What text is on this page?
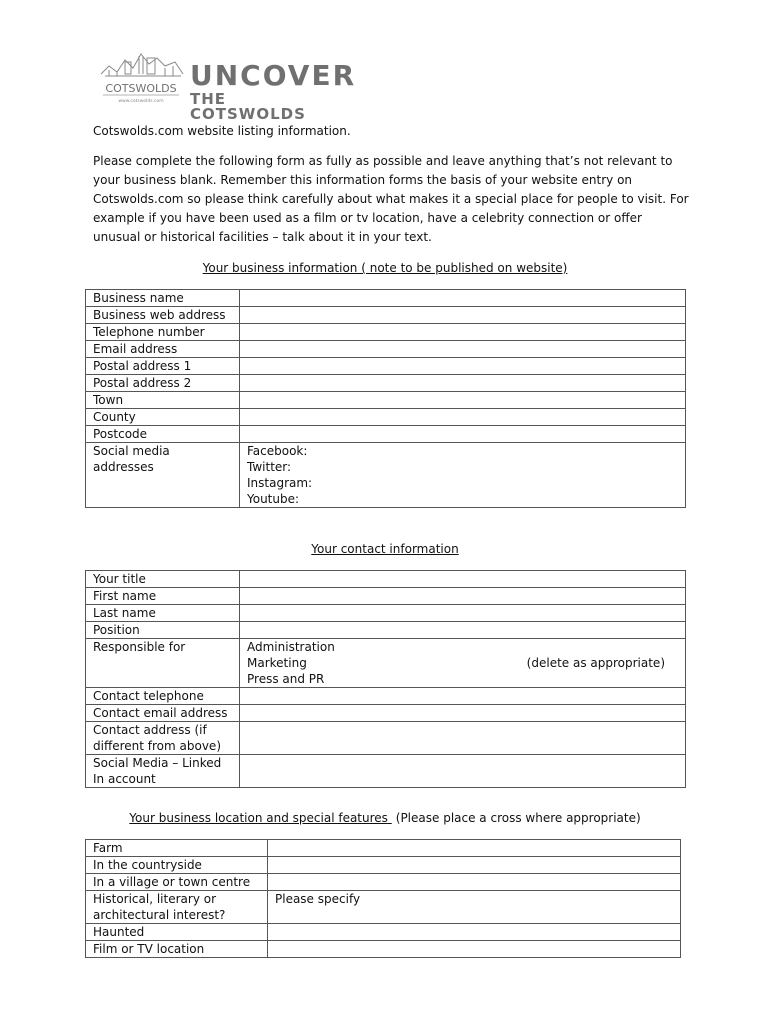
COTSWOLDS
www.cotswolds.com
UNCOVER
THE COTSWOLDS

Cotswolds.com website listing information.

Please complete the following form as fully as possible and leave anything that’s not relevant to your business blank. Remember this information forms the basis of your website entry on Cotswolds.com so please think carefully about what makes it a special place for people to visit. For example if you have been used as a film or tv location, have a celebrity connection or offer unusual or historical facilities – talk about it in your text.

Your business information ( note to be published on website)

Business name	
Business web address	
Telephone number	
Email address	
Postal address 1	
Postal address 2	
Town	
County	
Postcode	
Social media addresses	Facebook:
Twitter:
Instagram:
Youtube:

Your contact information

Your title	
First name	
Last name	
Position	
Responsible for	Administration
Marketing
Press and PR
(delete as appropriate)

Contact telephone	
Contact email address	
Contact address (if different from above)	
Social Media – Linked In account	

Your business location and special features (Please place a cross where appropriate)

Farm	
In the countryside	
In a village or town centre	
Historical, literary or architectural interest?	Please specify
Haunted	
Film or TV location	
